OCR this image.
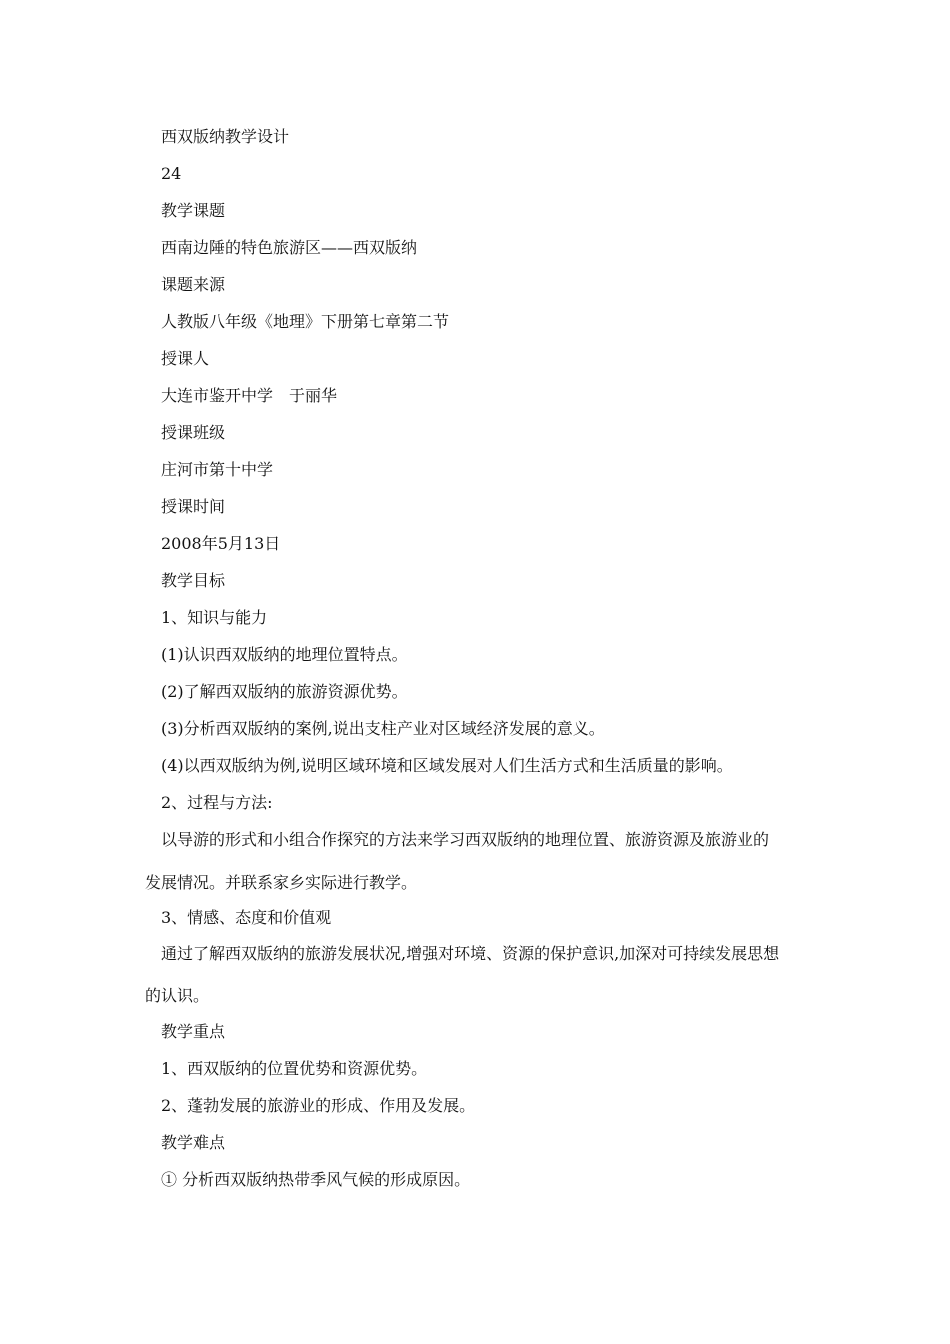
西双版纳教学设计
24
教学课题
西南边陲的特色旅游区——西双版纳
课题来源
人教版八年级《地理》下册第七章第二节
授课人
大连市鉴开中学　于丽华
授课班级
庄河市第十中学
授课时间
2008年5月13日
教学目标
1、知识与能力
(1)认识西双版纳的地理位置特点。
(2)了解西双版纳的旅游资源优势。
(3)分析西双版纳的案例,说出支柱产业对区域经济发展的意义。
(4)以西双版纳为例,说明区域环境和区域发展对人们生活方式和生活质量的影响。
2、过程与方法:
以导游的形式和小组合作探究的方法来学习西双版纳的地理位置、旅游资源及旅游业的
发展情况。并联系家乡实际进行教学。
3、情感、态度和价值观
通过了解西双版纳的旅游发展状况,增强对环境、资源的保护意识,加深对可持续发展思想
的认识。
教学重点
1、西双版纳的位置优势和资源优势。
2、蓬勃发展的旅游业的形成、作用及发展。
教学难点
① 分析西双版纳热带季风气候的形成原因。
